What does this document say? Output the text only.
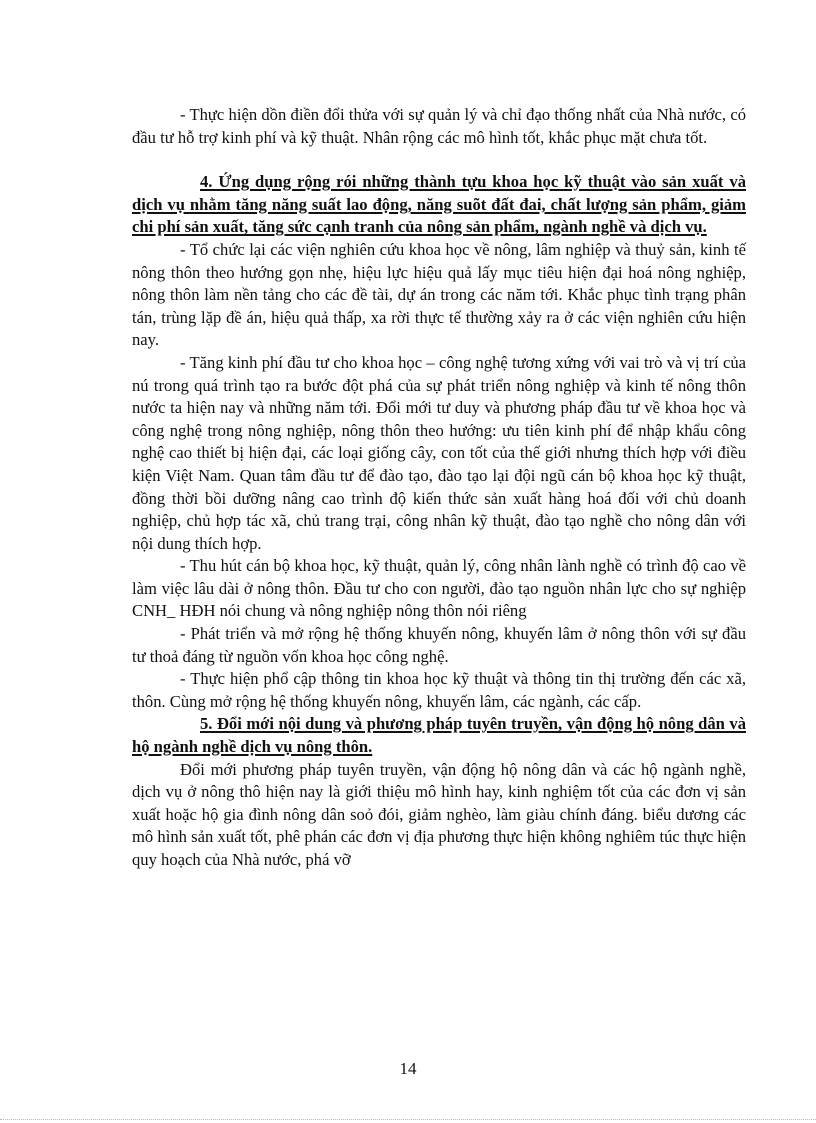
- Thực hiện dồn điền đổi thửa với sự quản lý và chỉ đạo thống nhất của Nhà nước, có đầu tư hỗ trợ kinh phí và kỹ thuật. Nhân rộng các mô hình tốt, khắc phục mặt chưa tốt.

4. Ứng dụng rộng rói những thành tựu khoa học kỹ thuật vào sản xuất và dịch vụ nhằm tăng năng suất lao động, năng suõt đất đai, chất lượng sản phẩm, giảm chi phí sản xuất, tăng sức cạnh tranh của nông sản phẩm, ngành nghề và dịch vụ.

- Tổ chức lại các viện nghiên cứu khoa học về nông, lâm nghiệp và thuỷ sản, kinh tế nông thôn theo hướng gọn nhẹ, hiệu lực hiệu quả lấy mục tiêu hiện đại hoá nông nghiệp, nông thôn làm nền tảng cho các đề tài, dự án trong các năm tới. Khắc phục tình trạng phân tán, trùng lặp đề án, hiệu quả thấp, xa rời thực tế thường xảy ra ở các viện nghiên cứu hiện nay.

- Tăng kinh phí đầu tư cho khoa học – công nghệ tương xứng với vai trò và vị trí của nú trong quá trình tạo ra bước đột phá của sự phát triển nông nghiệp và kinh tế nông thôn nước ta hiện nay và những năm tới. Đổi mới tư duy và phương pháp đầu tư về khoa học và công nghệ trong nông nghiệp, nông thôn theo hướng: ưu tiên kinh phí để nhập khẩu công nghệ cao thiết bị hiện đại, các loại giống cây, con tốt của thế giới nhưng thích hợp với điều kiện Việt Nam. Quan tâm đầu tư để đào tạo, đào tạo lại đội ngũ cán bộ khoa học kỹ thuật, đồng thời bồi dưỡng nâng cao trình độ kiến thức sản xuất hàng hoá đối với chủ doanh nghiệp, chủ hợp tác xã, chủ trang trại, công nhân kỹ thuật, đào tạo nghề cho nông dân với nội dung thích hợp.

- Thu hút cán bộ khoa học, kỹ thuật, quản lý, công nhân lành nghề có trình độ cao về làm việc lâu dài ở nông thôn. Đầu tư cho con người, đào tạo nguồn nhân lực cho sự nghiệp CNH_ HĐH nói chung và nông nghiệp nông thôn nói riêng

- Phát triển và mở rộng hệ thống khuyến nông, khuyến lâm ở nông thôn với sự đầu tư thoả đáng từ nguồn vốn khoa học công nghệ.

- Thực hiện phổ cập thông tin khoa học kỹ thuật và thông tin thị trường đến các xã, thôn. Cùng mở rộng hệ thống khuyến nông, khuyến lâm, các ngành, các cấp.

5. Đổi mới nội dung và phương pháp tuyên truyền, vận động hộ nông dân và hộ ngành nghề dịch vụ nông thôn.

Đổi mới phương pháp tuyên truyền, vận động hộ nông dân và các hộ ngành nghề, dịch vụ ở nông thô hiện nay là giới thiệu mô hình hay, kinh nghiệm tốt của các đơn vị sản xuất hoặc hộ gia đình nông dân soỏ đói, giảm nghèo, làm giàu chính đáng. biểu dương các mô hình sản xuất tốt, phê phán các đơn vị địa phương thực hiện không nghiêm túc thực hiện quy hoạch của Nhà nước, phá vỡ

14
